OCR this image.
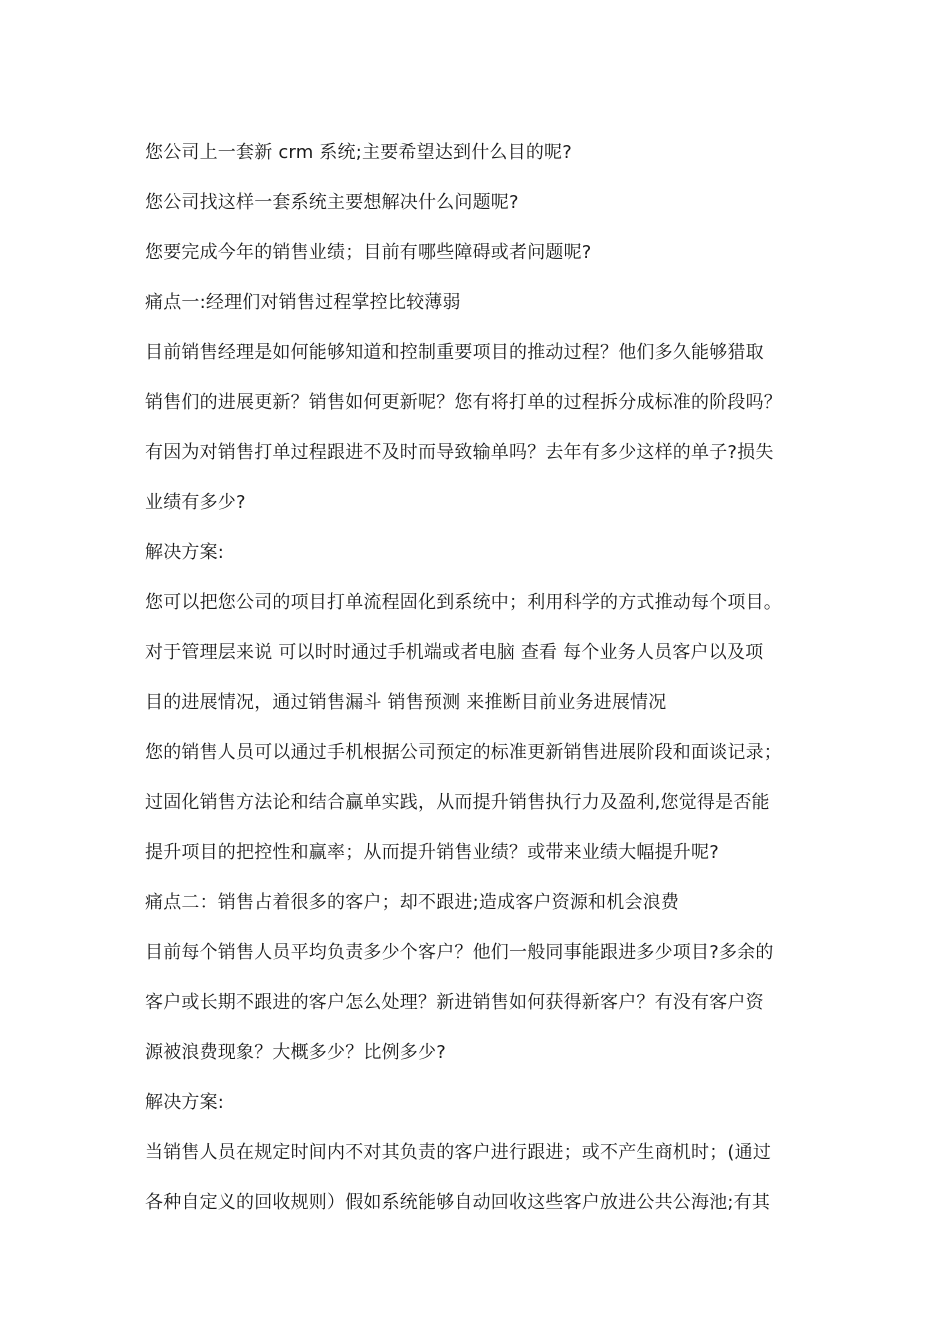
您公司上一套新 crm 系统;主要希望达到什么目的呢?
您公司找这样一套系统主要想解决什么问题呢?
您要完成今年的销售业绩；目前有哪些障碍或者问题呢?
痛点一:经理们对销售过程掌控比较薄弱
目前销售经理是如何能够知道和控制重要项目的推动过程？他们多久能够猎取
销售们的进展更新？销售如何更新呢？您有将打单的过程拆分成标准的阶段吗？
有因为对销售打单过程跟进不及时而导致输单吗？去年有多少这样的单子?损失
业绩有多少?
解决方案:
您可以把您公司的项目打单流程固化到系统中；利用科学的方式推动每个项目。
对于管理层来说 可以时时通过手机端或者电脑 查看 每个业务人员客户以及项
目的进展情况，通过销售漏斗 销售预测 来推断目前业务进展情况
您的销售人员可以通过手机根据公司预定的标准更新销售进展阶段和面谈记录；
过固化销售方法论和结合赢单实践，从而提升销售执行力及盈利,您觉得是否能
提升项目的把控性和赢率；从而提升销售业绩？或带来业绩大幅提升呢?
痛点二：销售占着很多的客户；却不跟进;造成客户资源和机会浪费
目前每个销售人员平均负责多少个客户？他们一般同事能跟进多少项目?多余的
客户或长期不跟进的客户怎么处理？新进销售如何获得新客户？有没有客户资
源被浪费现象？大概多少？比例多少?
解决方案:
当销售人员在规定时间内不对其负责的客户进行跟进；或不产生商机时；(通过
各种自定义的回收规则）假如系统能够自动回收这些客户放进公共公海池;有其
